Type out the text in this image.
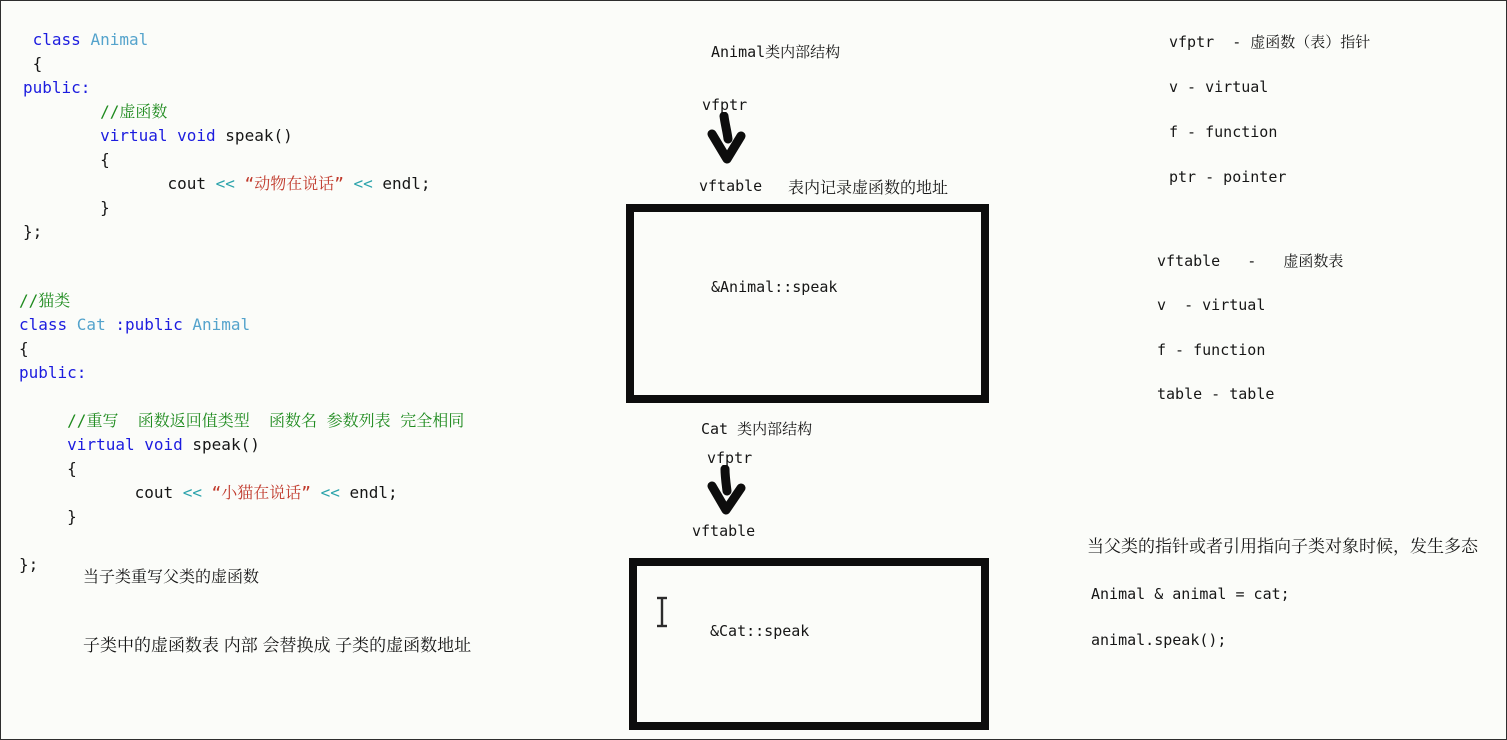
class Animal
{
public:
//虚函数
virtual void speak()
{
cout << “动物在说话” << endl;
}
};
//猫类
class Cat :public Animal
{
public:
//重写  函数返回值类型  函数名 参数列表 完全相同
virtual void speak()
{
cout << “小猫在说话” << endl;
}
};
当子类重写父类的虚函数
子类中的虚函数表 内部 会替换成 子类的虚函数地址
Animal类内部结构
vfptr
vftable 表内记录虚函数的地址
&Animal::speak
Cat 类内部结构
vfptr
vftable
&Cat::speak
vfptr  - 虚函数（表）指针
v - virtual
f - function
ptr - pointer
vftable   -   虚函数表
v  - virtual
f - function
table - table
当父类的指针或者引用指向子类对象时候，发生多态
Animal & animal = cat;
animal.speak();
